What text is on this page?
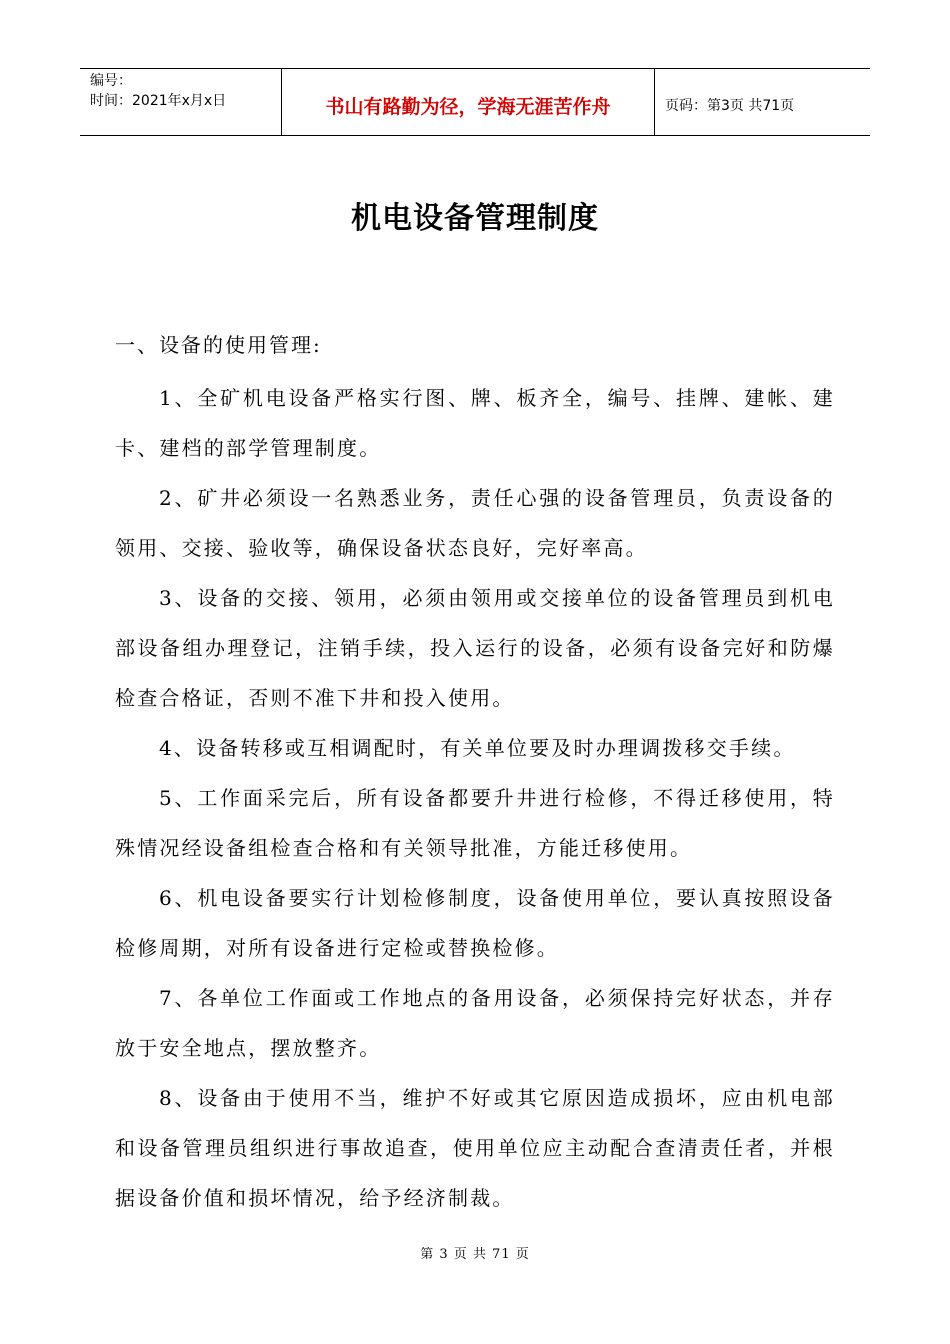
编号：
时间：2021年x月x日	书山有路勤为径，学海无涯苦作舟	页码：第3页 共71页
机电设备管理制度
一、设备的使用管理:

1、全矿机电设备严格实行图、牌、板齐全，编号、挂牌、建帐、建卡、建档的部学管理制度。

2、矿井必须设一名熟悉业务，责任心强的设备管理员，负责设备的领用、交接、验收等，确保设备状态良好，完好率高。

3、设备的交接、领用，必须由领用或交接单位的设备管理员到机电部设备组办理登记，注销手续，投入运行的设备，必须有设备完好和防爆检查合格证，否则不准下井和投入使用。

4、设备转移或互相调配时，有关单位要及时办理调拨移交手续。

5、工作面采完后，所有设备都要升井进行检修，不得迁移使用，特殊情况经设备组检查合格和有关领导批准，方能迁移使用。

6、机电设备要实行计划检修制度，设备使用单位，要认真按照设备检修周期，对所有设备进行定检或替换检修。

7、各单位工作面或工作地点的备用设备，必须保持完好状态，并存放于安全地点，摆放整齐。

8、设备由于使用不当，维护不好或其它原因造成损坏，应由机电部和设备管理员组织进行事故追查，使用单位应主动配合查清责任者，并根据设备价值和损坏情况，给予经济制裁。

第 3 页 共 71 页
